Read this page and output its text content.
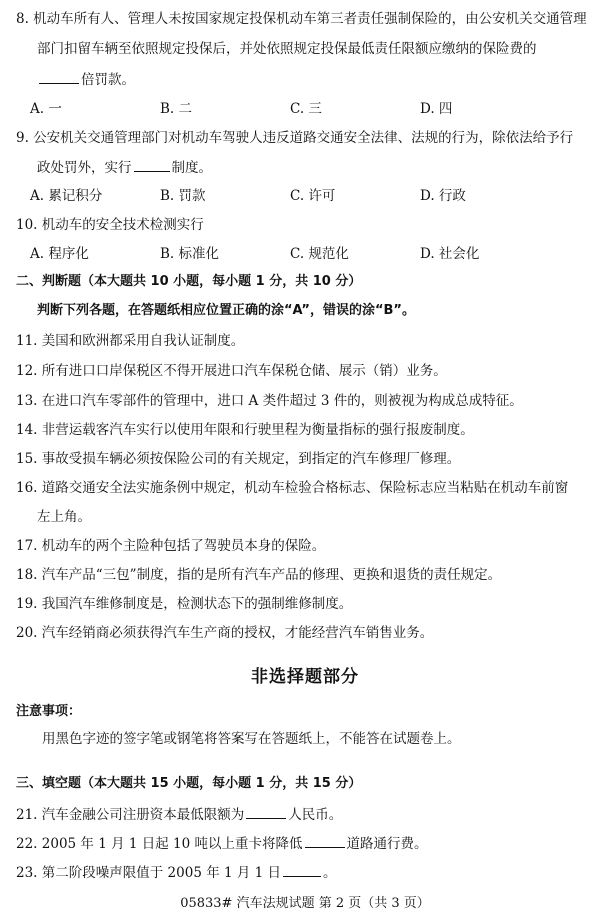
8. 机动车所有人、管理人未按国家规定投保机动车第三者责任强制保险的，由公安机关交通管理
部门扣留车辆至依照规定投保后，并处依照规定投保最低责任限额应缴纳的保险费的
倍罚款。
A. 一	B. 二	C. 三	D. 四
9. 公安机关交通管理部门对机动车驾驶人违反道路交通安全法律、法规的行为，除依法给予行
政处罚外，实行	制度。
A. 累记积分	B. 罚款	C. 许可	D. 行政
10. 机动车的安全技术检测实行
A. 程序化	B. 标准化	C. 规范化	D. 社会化
二、判断题（本大题共 10 小题，每小题 1 分，共 10 分）
判断下列各题，在答题纸相应位置正确的涂“A”，错误的涂“B”。
11. 美国和欧洲都采用自我认证制度。
12. 所有进口口岸保税区不得开展进口汽车保税仓储、展示（销）业务。
13. 在进口汽车零部件的管理中，进口 A 类件超过 3 件的，则被视为构成总成特征。
14. 非营运载客汽车实行以使用年限和行驶里程为衡量指标的强行报废制度。
15. 事故受损车辆必须按保险公司的有关规定，到指定的汽车修理厂修理。
16. 道路交通安全法实施条例中规定，机动车检验合格标志、保险标志应当粘贴在机动车前窗
左上角。
17. 机动车的两个主险种包括了驾驶员本身的保险。
18. 汽车产品“三包”制度，指的是所有汽车产品的修理、更换和退货的责任规定。
19. 我国汽车维修制度是，检测状态下的强制维修制度。
20. 汽车经销商必须获得汽车生产商的授权，才能经营汽车销售业务。
非选择题部分
注意事项：
用黑色字迹的签字笔或钢笔将答案写在答题纸上，不能答在试题卷上。
三、填空题（本大题共 15 小题，每小题 1 分，共 15 分）
21. 汽车金融公司注册资本最低限额为	人民币。
22. 2005 年 1 月 1 日起 10 吨以上重卡将降低	道路通行费。
23. 第二阶段噪声限值于 2005 年 1 月 1 日	。
05833# 汽车法规试题 第 2 页（共 3 页）
